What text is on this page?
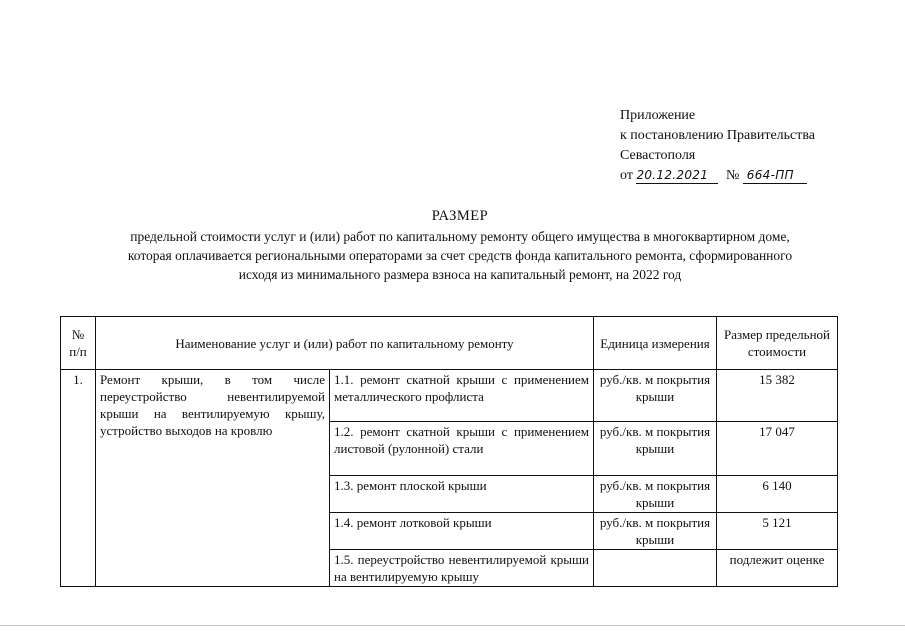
Приложение
к постановлению Правительства
Севастополя
от 20.12.2021 № 664-ПП
РАЗМЕР
предельной стоимости услуг и (или) работ по капитальному ремонту общего имущества в многоквартирном доме,
которая оплачивается региональными операторами за счет средств фонда капитального ремонта, сформированного
исходя из минимального размера взноса на капитальный ремонт, на 2022 год
№ п/п	Наименование услуг и (или) работ по капитальному ремонту		Единица измерения	Размер предельной стоимости
1.	Ремонт крыши, в том числе переустройство невентилируемой крыши на вентилируемую крышу, устройство выходов на кровлю	1.1. ремонт скатной крыши с применением металлического профлиста	руб./кв. м покрытия крыши	15 382
		1.2. ремонт скатной крыши с применением листовой (рулонной) стали	руб./кв. м покрытия крыши	17 047
		1.3. ремонт плоской крыши	руб./кв. м покрытия крыши	6 140
		1.4. ремонт лотковой крыши	руб./кв. м покрытия крыши	5 121
		1.5. переустройство невентилируемой крыши на вентилируемую крышу		подлежит оценке
